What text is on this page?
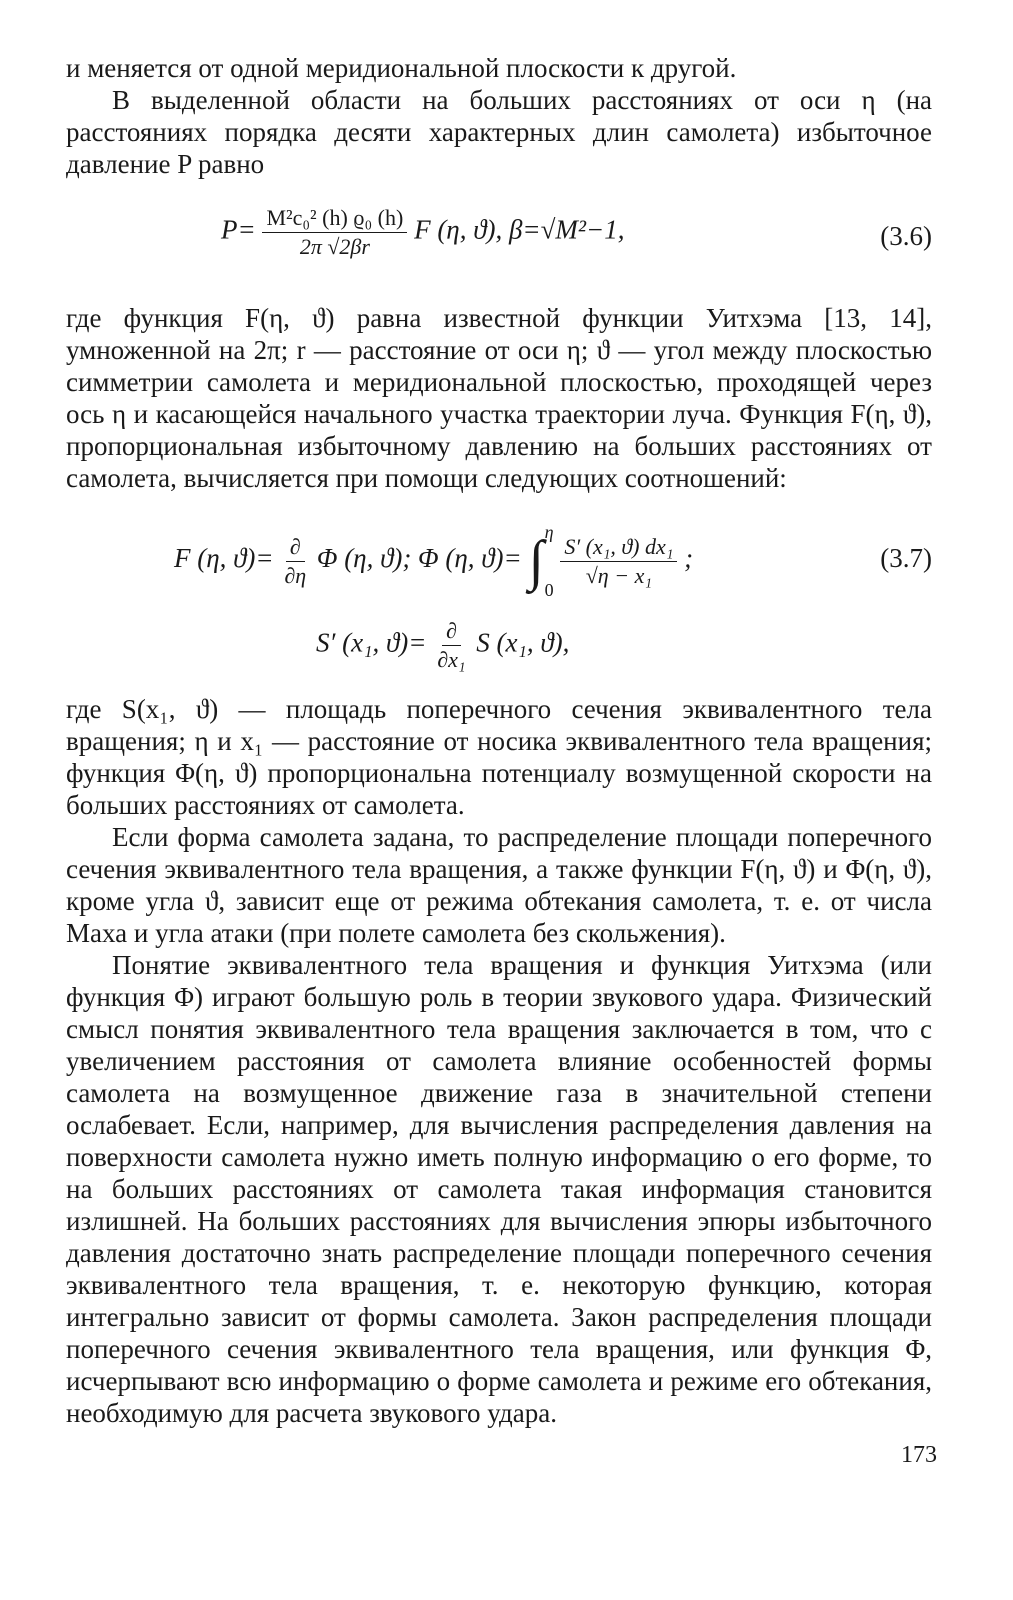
и меняется от одной меридиональной плоскости к другой.

В выделенной области на больших расстояниях от оси η (на расстояниях порядка десяти характерных длин самолета) избыточное давление P равно

$P= \frac{\text{M²c₀² (h) ϱ₀ (h)}}{2\pi √2\beta r}$ F (η, ϑ), β=√M²−1,	(3.6)

где функция F(η, ϑ) равна известной функции Уитхэма [13, 14], умноженной на 2π; r — расстояние от оси η; ϑ — угол между плоскостью симметрии самолета и меридиональной плоскостью, проходящей через ось η и касающейся начального участка траектории луча. Функция F(η, ϑ), пропорциональная избыточному давлению на больших расстояниях от самолета, вычисляется при помощи следующих соотношений:

F (η, $ϑ)= \frac{\partial}{\partial\eta}$ Φ (η, ϑ); Φ (η, ϑ)= ∫ η
0

$\frac{\text{S′ (x₁, ϑ) dx₁}}{\text{√η − x₁}}$ ;	(3.7)
S′ (x₁, $ϑ)= \frac{\partial}{\text{∂x₁}}$ S (x₁, ϑ),

где S(x₁, ϑ) — площадь поперечного сечения эквивалентного тела вращения; η и x₁ — расстояние от носика эквивалентного тела вращения; функция Φ(η, ϑ) пропорциональна потенциалу возмущенной скорости на больших расстояниях от самолета.

Если форма самолета задана, то распределение площади поперечного сечения эквивалентного тела вращения, а также функции F(η, ϑ) и Φ(η, ϑ), кроме угла ϑ, зависит еще от режима обтекания самолета, т. е. от числа Маха и угла атаки (при полете самолета без скольжения).

Понятие эквивалентного тела вращения и функция Уитхэма (или функция Φ) играют большую роль в теории звукового удара. Физический смысл понятия эквивалентного тела вращения заключается в том, что с увеличением расстояния от самолета влияние особенностей формы самолета на возмущенное движение газа в значительной степени ослабевает. Если, например, для вычисления распределения давления на поверхности самолета нужно иметь полную информацию о его форме, то на больших расстояниях от самолета такая информация становится излишней. На больших расстояниях для вычисления эпюры избыточного давления достаточно знать распределение площади поперечного сечения эквивалентного тела вращения, т. е. некоторую функцию, которая интегрально зависит от формы самолета. Закон распределения площади поперечного сечения эквивалентного тела вращения, или функция Φ, исчерпывают всю информацию о форме самолета и режиме его обтекания, необходимую для расчета звукового удара.

173
